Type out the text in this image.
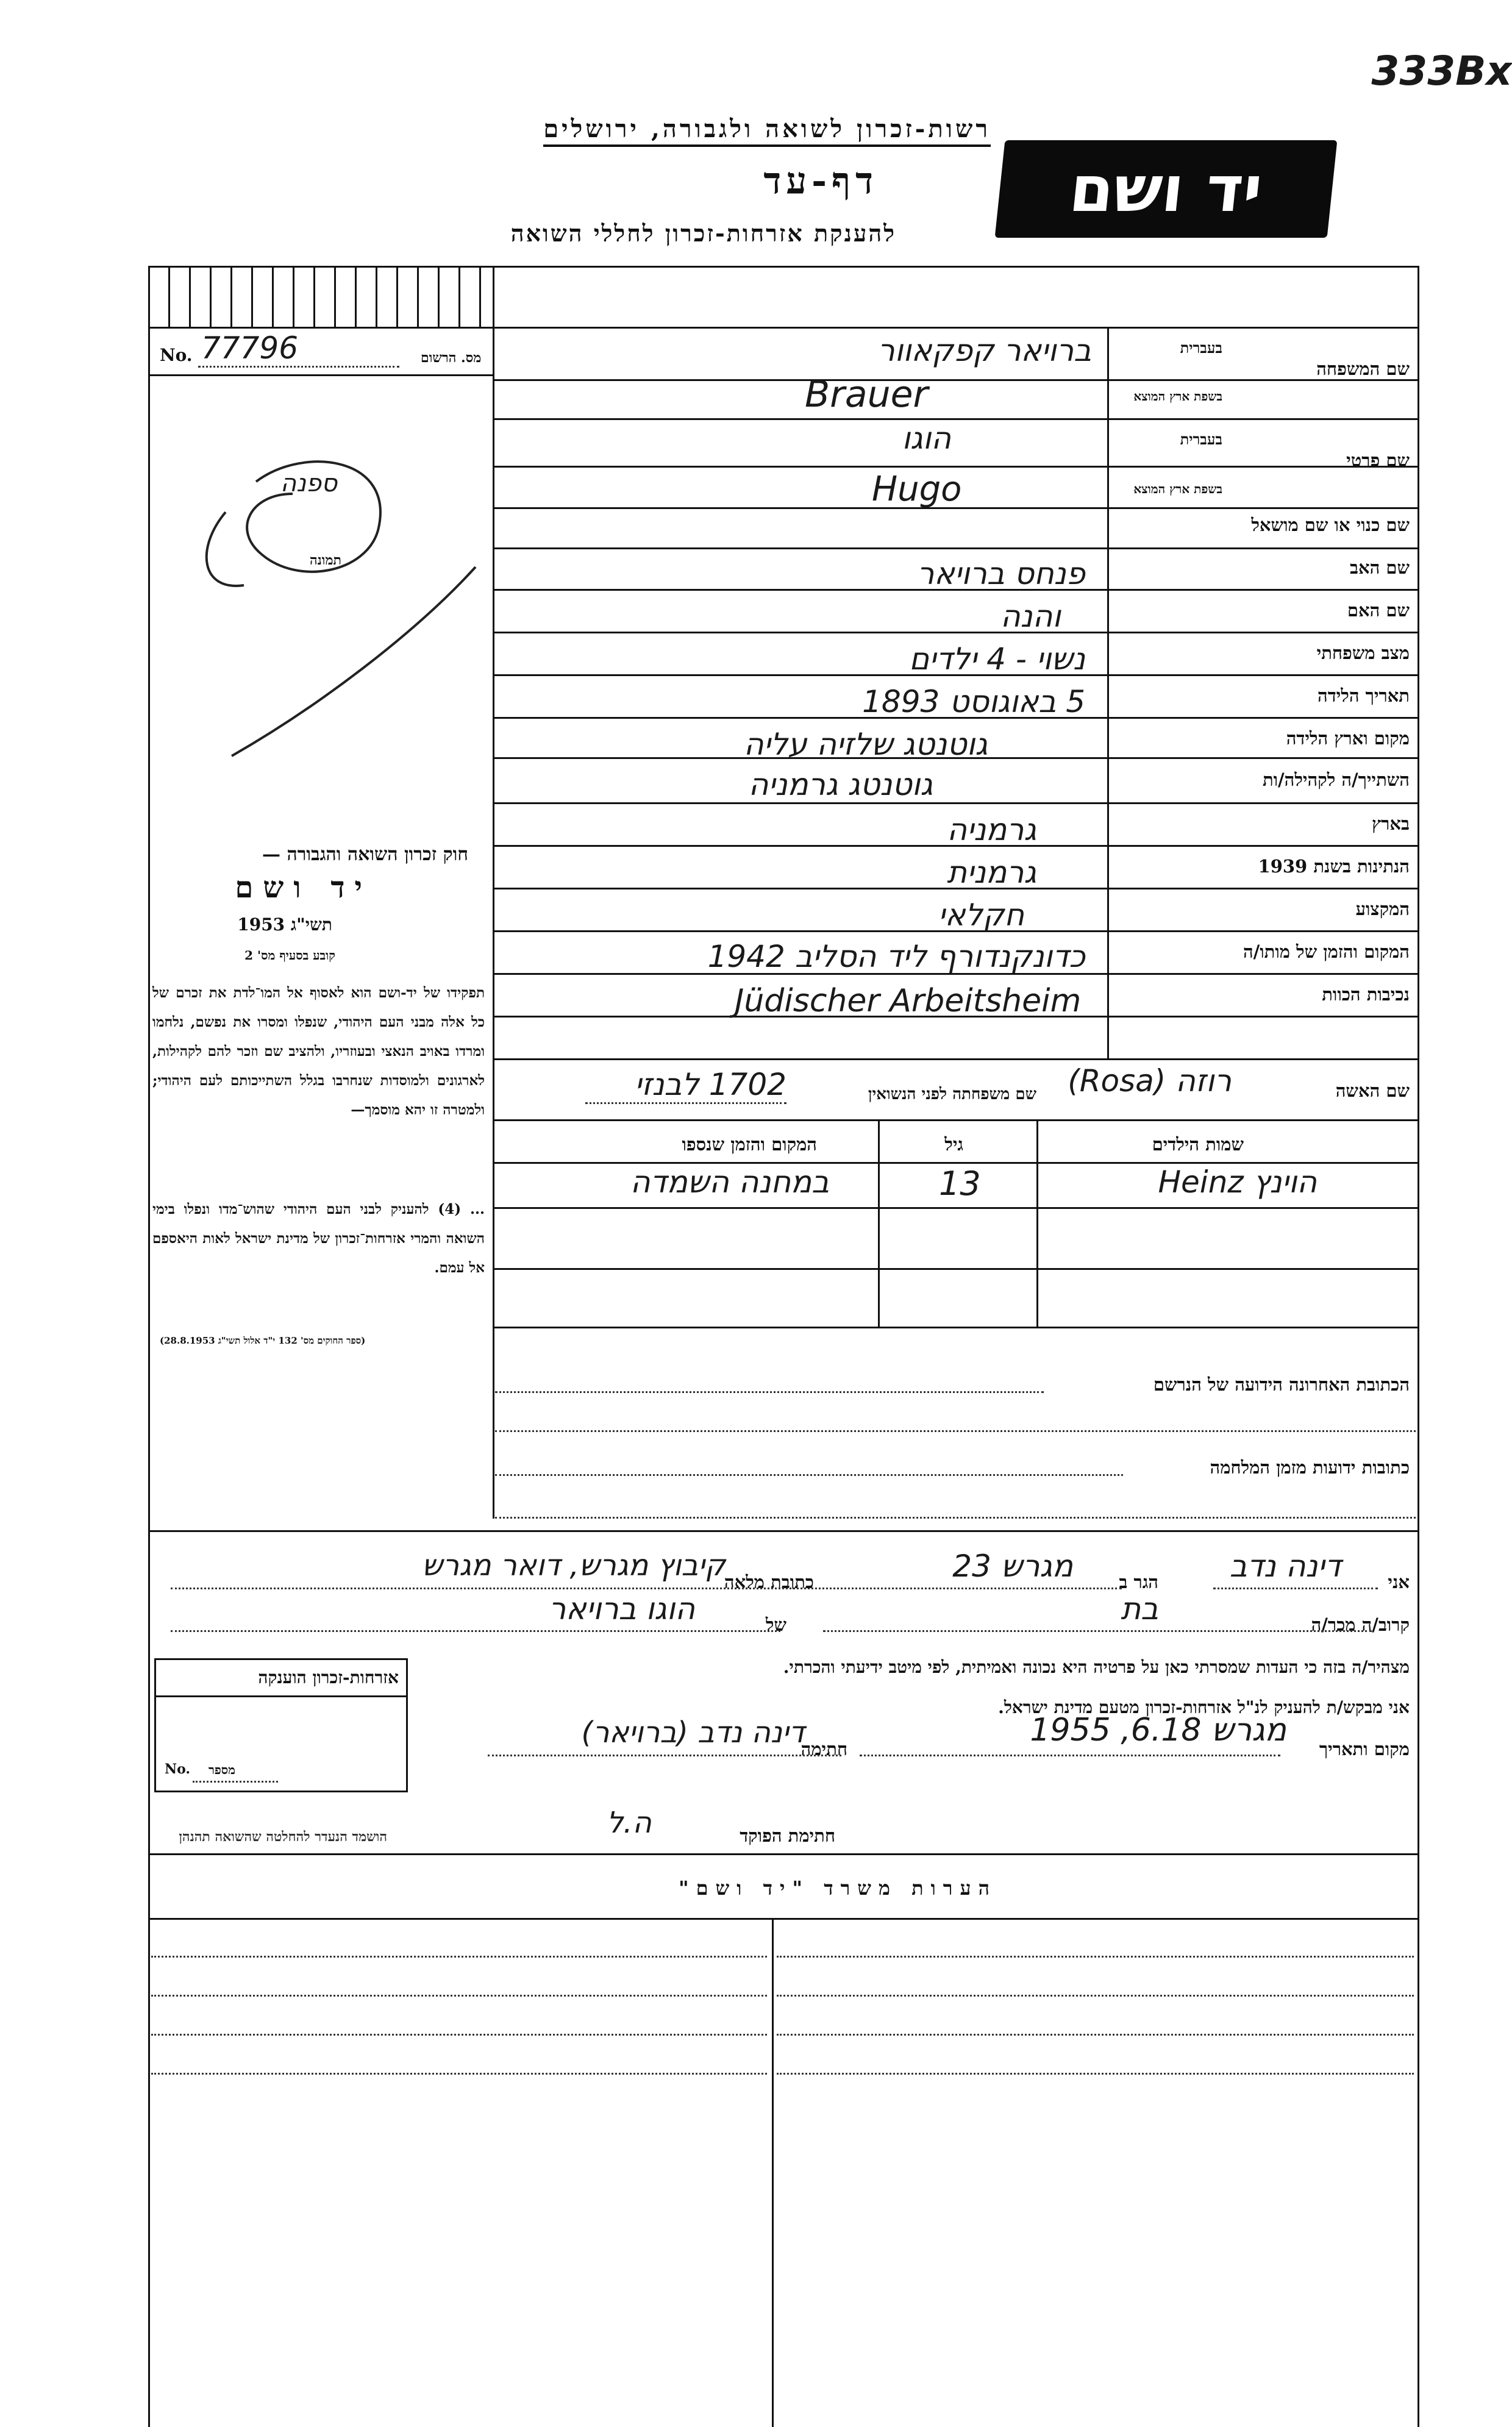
333Bx
יד ושם
רשות-זכרון לשואה ולגבורה, ירושלים
דף-עד
להענקת אזרחות-זכרון לחללי השואה
No. 77796	מס. הרשום
ספנה
תמונה
חוק זכרון השואה והגבורה —
יד ושם
תשי"ג 1953
קובע בסעיף מס' 2
תפקידו של יד-ושם הוא לאסוף אל המו־לדת את זכרם של כל אלה מבני העם היהודי, שנפלו ומסרו את נפשם, נלחמו ומרדו באויב הנאצי ובעוזריו, ולהציב שם וזכר להם לקהילות, לארגונים ולמוסדות שנחרבו בגלל השתייכותם לעם היהודי; ולמטרה זו יהא מוסמך—
... (4) להעניק לבני העם היהודי שהוש־מדו ונפלו בימי השואה והמרי אזרחות־זכרון של מדינת ישראל לאות היאספם אל עמם.
(ספר החוקים מס' 132 י"ד אלול תשי"ג 28.8.1953)
בעברית
שם המשפחה
בשפת ארץ המוצא
ברויאר קפקאוור
Brauer
בעברית
שם פרטי
בשפת ארץ המוצא
הוגו
Hugo
שם כנוי או שם מושאל
שם האב
פנחס ברויאר
שם האם
והנה
מצב משפחתי
נשוי - 4 ילדים
תאריך הלידה
5 באוגוסט 1893
מקום וארץ הלידה
גוטנטג שלזיה עליה
השתייך/ה לקהילה/ות
גוטנטג גרמניה
בארץ
גרמניה
הנתינות בשנת 1939
גרמנית
המקצוע
חקלאי
המקום והזמן של מותו/ה
כדונקנדורף ליד הסליב 1942
נכיבות הכוות
Jüdischer Arbeitsheim
שם האשה
רוזה (Rosa)
שם משפחתה לפני הנשואין
1702 לבנזי
שמות הילדים
גיל
המקום והזמן שנספו
הוינץ Heinz
13
במחנה השמדה
הכתובת האחרונה הידועה של הנרשם
כתובות ידועות מזמן המלחמה
אני
דינה נדב
הגר ב
מגרש 23
כתובת מלאה
קיבוץ מגרש, דואר מגרש
קרוב/ה מכר/ה
בת
של
הוגו ברויאר
מצהיר/ה בזה כי העדות שמסרתי כאן על פרטיה היא נכונה ואמיתית, לפי מיטב ידיעתי והכרתי.
אני מבקש/ת להעניק לנ"ל אזרחות-זכרון מטעם מדינת ישראל.
מקום ותאריך
מגרש 6.18, 1955
חתימה
דינה נדב (ברויאר)
חתימת הפוקד
ה.ל
אזרחות-זכרון הוענקה
No. מספר
הושמד הנעדר להחלטה שהשואה תהנהן
הערות משרד "יד ושם"
